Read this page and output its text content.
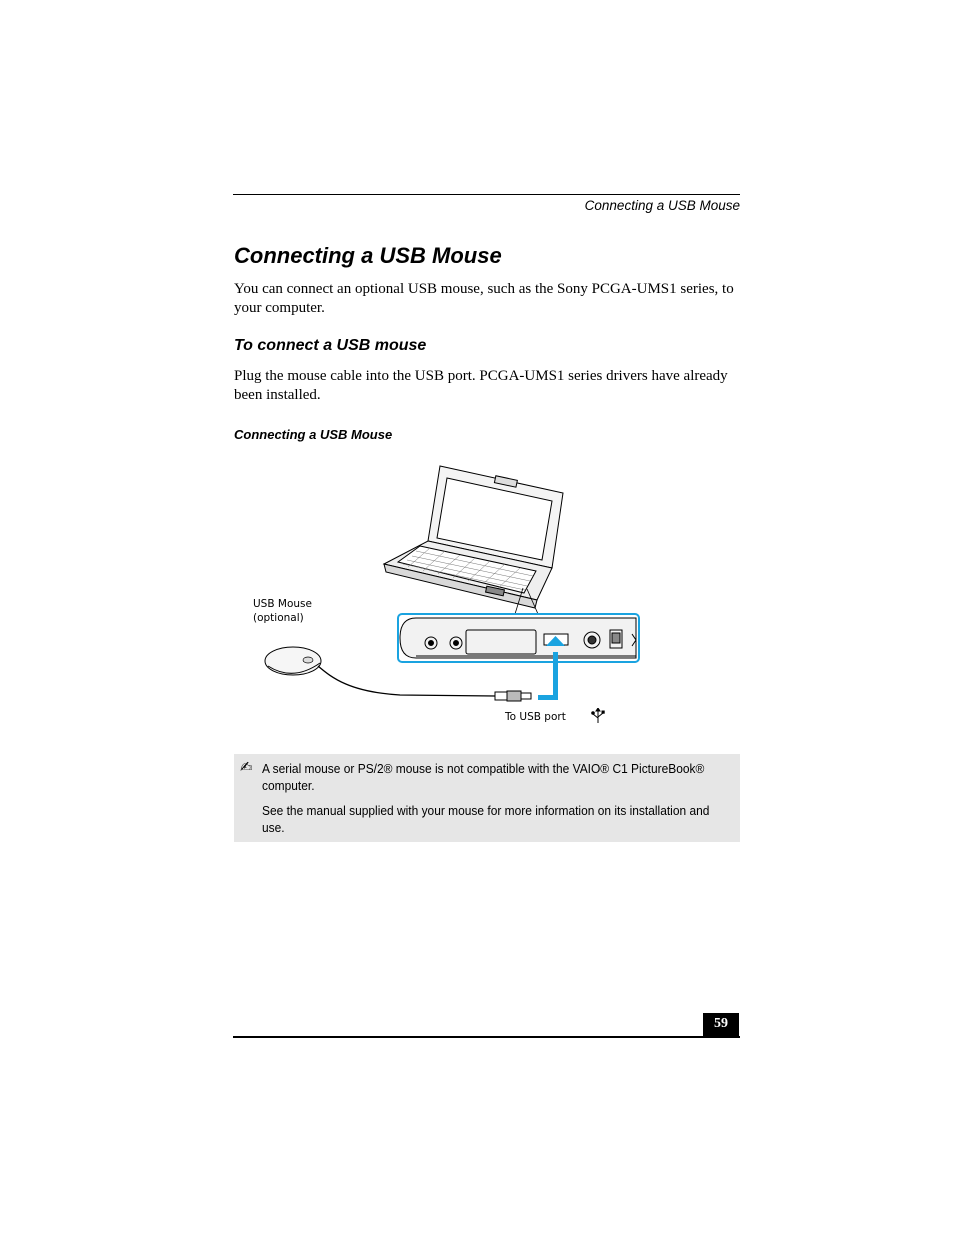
Connecting a USB Mouse
Connecting a USB Mouse

You can connect an optional USB mouse, such as the Sony PCGA-UMS1 series, to your computer.

To connect a USB mouse

Plug the mouse cable into the USB port. PCGA-UMS1 series drivers have already been installed.

Connecting a USB Mouse
USB Mouse
(optional)
To USB port
✍ A serial mouse or PS/2® mouse is not compatible with the VAIO® C1 PictureBook® computer.

See the manual supplied with your mouse for more information on its installation and use.

59
